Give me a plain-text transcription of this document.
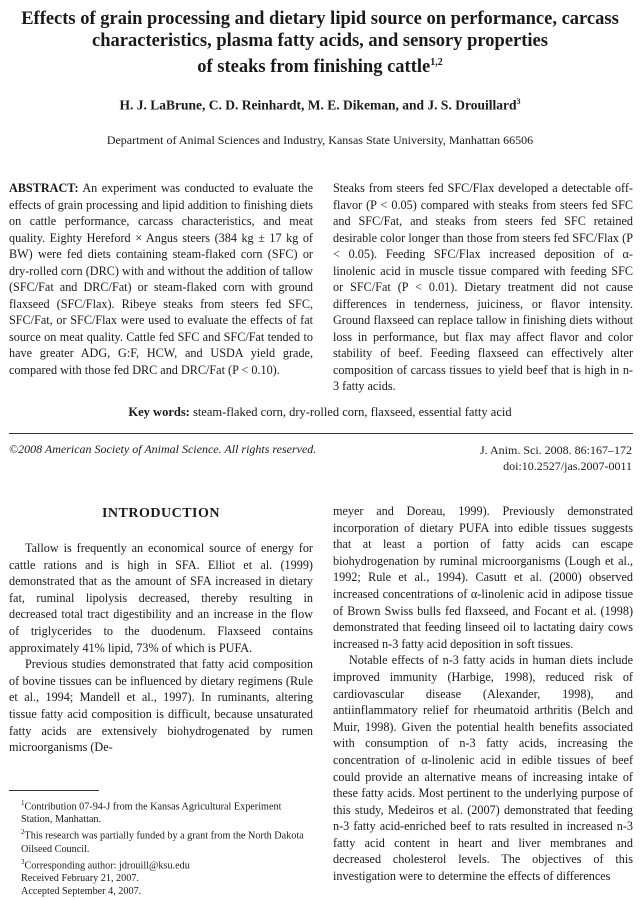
Effects of grain processing and dietary lipid source on performance, carcass
characteristics, plasma fatty acids, and sensory properties
of steaks from finishing cattle$^{1,2}$

H. J. LaBrune, C. D. Reinhardt, M. E. Dikeman, and J. S. Drouillard$^3$

Department of Animal Sciences and Industry, Kansas State University, Manhattan 66506

ABSTRACT: An experiment was conducted to evaluate the effects of grain processing and lipid addition to finishing diets on cattle performance, carcass characteristics, and meat quality. Eighty Hereford × Angus steers (384 kg ± 17 kg of BW) were fed diets containing steam-flaked corn (SFC) or dry-rolled corn (DRC) with and without the addition of tallow (SFC/Fat and DRC/Fat) or steam-flaked corn with ground flaxseed (SFC/Flax). Ribeye steaks from steers fed SFC, SFC/Fat, or SFC/Flax were used to evaluate the effects of fat source on meat quality. Cattle fed SFC and SFC/Fat tended to have greater ADG, G:F, HCW, and USDA yield grade, compared with those fed DRC and DRC/Fat (P < 0.10).

Steaks from steers fed SFC/Flax developed a detectable off-flavor (P < 0.05) compared with steaks from steers fed SFC and SFC/Fat, and steaks from steers fed SFC retained desirable color longer than those from steers fed SFC/Flax (P < 0.05). Feeding SFC/Flax increased deposition of α-linolenic acid in muscle tissue compared with feeding SFC or SFC/Fat (P < 0.01). Dietary treatment did not cause differences in tenderness, juiciness, or flavor intensity. Ground flaxseed can replace tallow in finishing diets without loss in performance, but flax may affect flavor and color stability of beef. Feeding flaxseed can effectively alter composition of carcass tissues to yield beef that is high in n-3 fatty acids.

Key words: steam-flaked corn, dry-rolled corn, flaxseed, essential fatty acid

©2008 American Society of Animal Science. All rights reserved.	J. Anim. Sci. 2008. 86:167–172
doi:10.2527/jas.2007-0011
INTRODUCTION

Tallow is frequently an economical source of energy for cattle rations and is high in SFA. Elliot et al. (1999) demonstrated that as the amount of SFA increased in dietary fat, ruminal lipolysis decreased, thereby resulting in decreased total tract digestibility and an increase in the flow of triglycerides to the duodenum. Flaxseed contains approximately 41% lipid, 73% of which is PUFA.

Previous studies demonstrated that fatty acid composition of bovine tissues can be influenced by dietary regimens (Rule et al., 1994; Mandell et al., 1997). In ruminants, altering tissue fatty acid composition is difficult, because unsaturated fatty acids are extensively biohydrogenated by rumen microorganisms (De-

meyer and Doreau, 1999). Previously demonstrated incorporation of dietary PUFA into edible tissues suggests that at least a portion of fatty acids can escape biohydrogenation by ruminal microorganisms (Lough et al., 1992; Rule et al., 1994). Casutt et al. (2000) observed increased concentrations of α-linolenic acid in adipose tissue of Brown Swiss bulls fed flaxseed, and Focant et al. (1998) demonstrated that feeding linseed oil to lactating dairy cows increased n-3 fatty acid deposition in soft tissues.

Notable effects of n-3 fatty acids in human diets include improved immunity (Harbige, 1998), reduced risk of cardiovascular disease (Alexander, 1998), and antiinflammatory relief for rheumatoid arthritis (Belch and Muir, 1998). Given the potential health benefits associated with consumption of n-3 fatty acids, increasing the concentration of α-linolenic acid in edible tissues of beef could provide an alternative means of increasing intake of these fatty acids. Most pertinent to the underlying purpose of this study, Medeiros et al. (2007) demonstrated that feeding n-3 fatty acid-enriched beef to rats resulted in increased n-3 fatty acid content in heart and liver membranes and decreased cholesterol levels. The objectives of this investigation were to determine the effects of differences

$^1$Contribution 07-94-J from the Kansas Agricultural Experiment Station, Manhattan.

$^2$This research was partially funded by a grant from the North Dakota Oilseed Council.

$^3$Corresponding author: jdrouill@ksu.edu

Received February 21, 2007.

Accepted September 4, 2007.
